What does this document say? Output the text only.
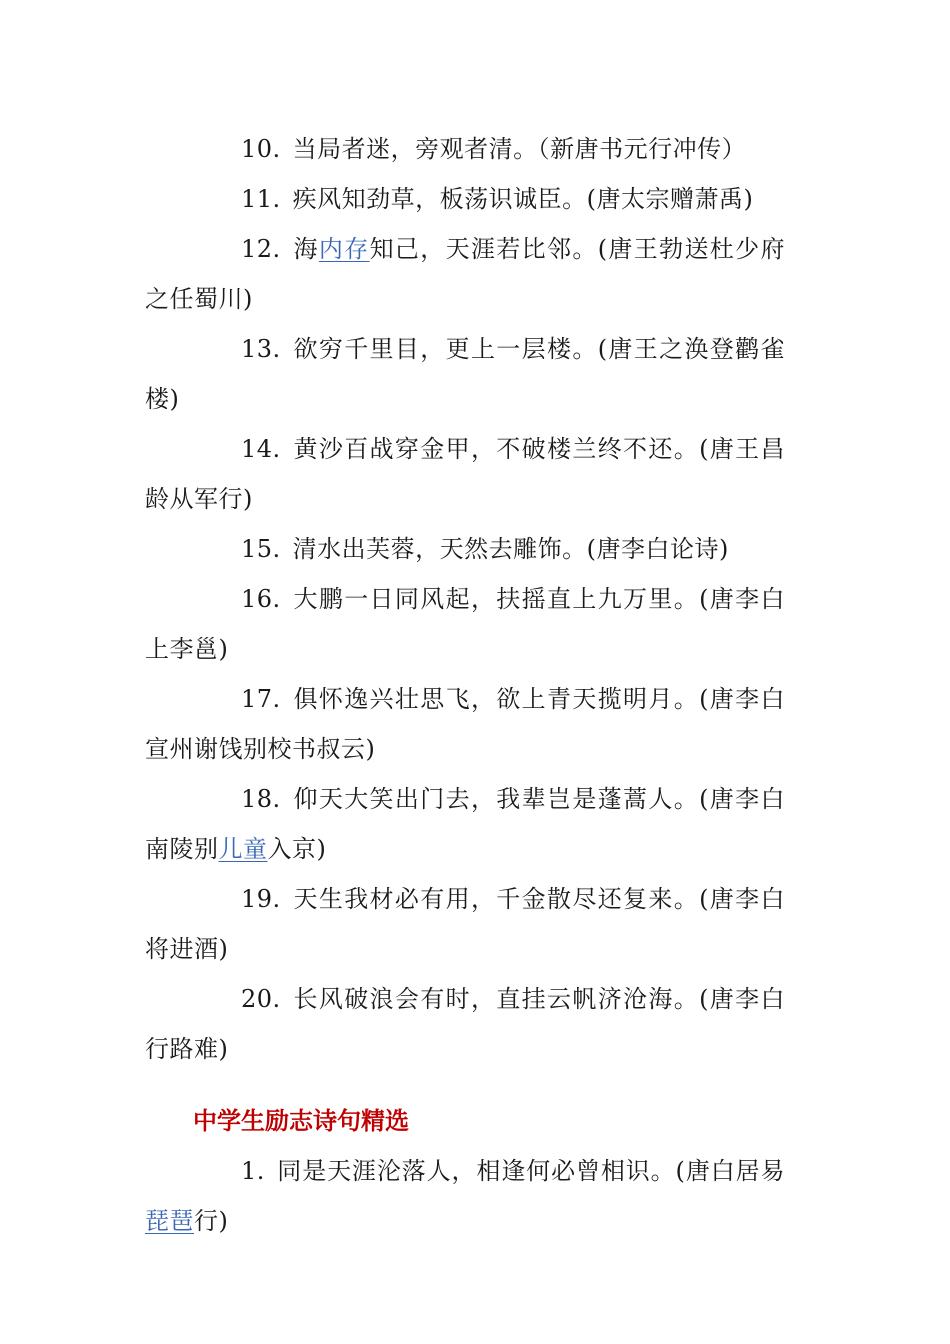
10. 当局者迷，旁观者清。（新唐书元行冲传）

11. 疾风知劲草，板荡识诚臣。(唐太宗赠萧禹)

12. 海内存知己，天涯若比邻。(唐王勃送杜少府之任蜀川)

13. 欲穷千里目，更上一层楼。(唐王之涣登鹳雀楼)

14. 黄沙百战穿金甲，不破楼兰终不还。(唐王昌龄从军行)

15. 清水出芙蓉，天然去雕饰。(唐李白论诗)

16. 大鹏一日同风起，扶摇直上九万里。(唐李白上李邕)

17. 俱怀逸兴壮思飞，欲上青天揽明月。(唐李白宣州谢饯别校书叔云)

18. 仰天大笑出门去，我辈岂是蓬蒿人。(唐李白南陵别儿童入京)

19. 天生我材必有用，千金散尽还复来。(唐李白将进酒)

20. 长风破浪会有时，直挂云帆济沧海。(唐李白行路难)

中学生励志诗句精选

1. 同是天涯沦落人，相逢何必曾相识。(唐白居易琵琶行)
